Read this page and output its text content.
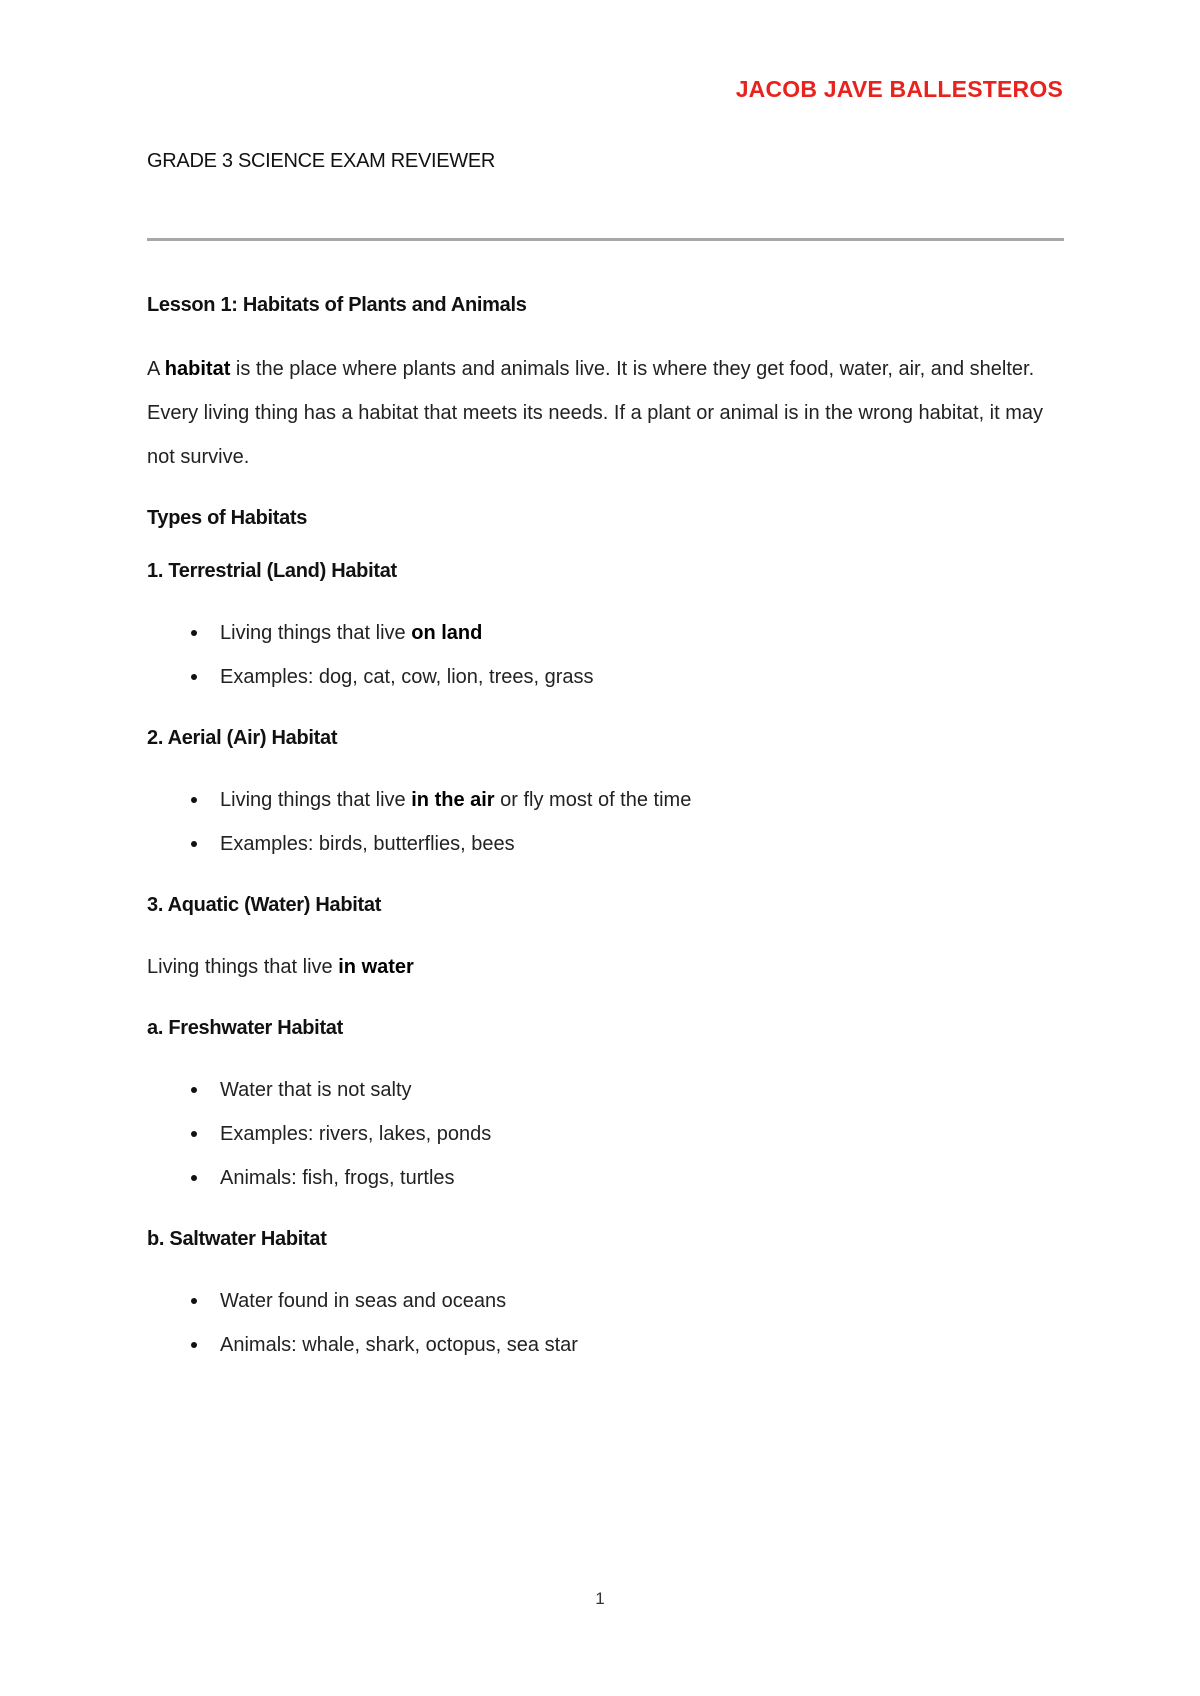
JACOB JAVE BALLESTEROS
GRADE 3 SCIENCE EXAM REVIEWER

Lesson 1: Habitats of Plants and Animals

A habitat is the place where plants and animals live. It is where they get food, water, air, and shelter. Every living thing has a habitat that meets its needs. If a plant or animal is in the wrong habitat, it may not survive.

Types of Habitats

1. Terrestrial (Land) Habitat

Living things that live on land
Examples: dog, cat, cow, lion, trees, grass

2. Aerial (Air) Habitat

Living things that live in the air or fly most of the time
Examples: birds, butterflies, bees

3. Aquatic (Water) Habitat

Living things that live in water

a. Freshwater Habitat

Water that is not salty
Examples: rivers, lakes, ponds
Animals: fish, frogs, turtles

b. Saltwater Habitat

Water found in seas and oceans
Animals: whale, shark, octopus, sea star
1
